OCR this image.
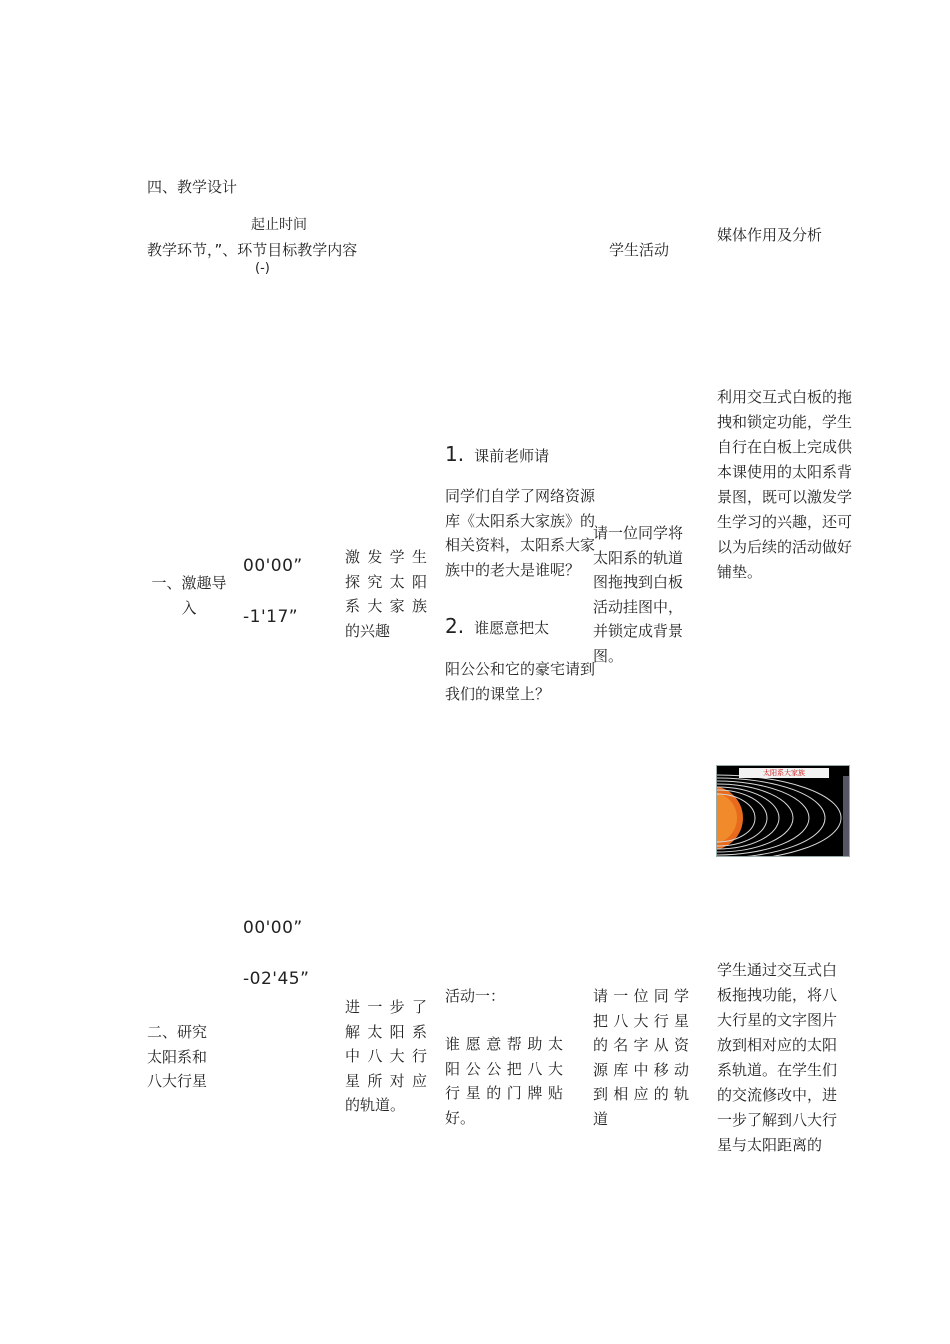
四、教学设计
起止时间
教学环节，”、环节目标教学内容
(-)
学生活动
媒体作用及分析
一、激趣导入
00'00”
-1'17”
激发学生
探究太阳
系大家族
的兴趣
1. 课前老师请
同学们自学了网络资源库《太阳系大家族》的相关资料，太阳系大家族中的老大是谁呢？
2. 谁愿意把太
阳公公和它的豪宅请到我们的课堂上？
请一位同学将太阳系的轨道图拖拽到白板活动挂图中，并锁定成背景图。
利用交互式白板的拖拽和锁定功能，学生自行在白板上完成供本课使用的太阳系背景图，既可以激发学生学习的兴趣，还可以为后续的活动做好铺垫。
太阳系大家族
二、研究
太阳系和
八大行星
00'00”
-02'45”
进一步了
解太阳系
中八大行
星所对应
的轨道。
活动一：
谁愿意帮助太
阳公公把八大
行星的门牌贴
好。
请一位同学
把八大行星
的名字从资
源库中移动
到相应的轨
道
学生通过交互式白板拖拽功能，将八大行星的文字图片放到相对应的太阳系轨道。在学生们的交流修改中，进一步了解到八大行星与太阳距离的
